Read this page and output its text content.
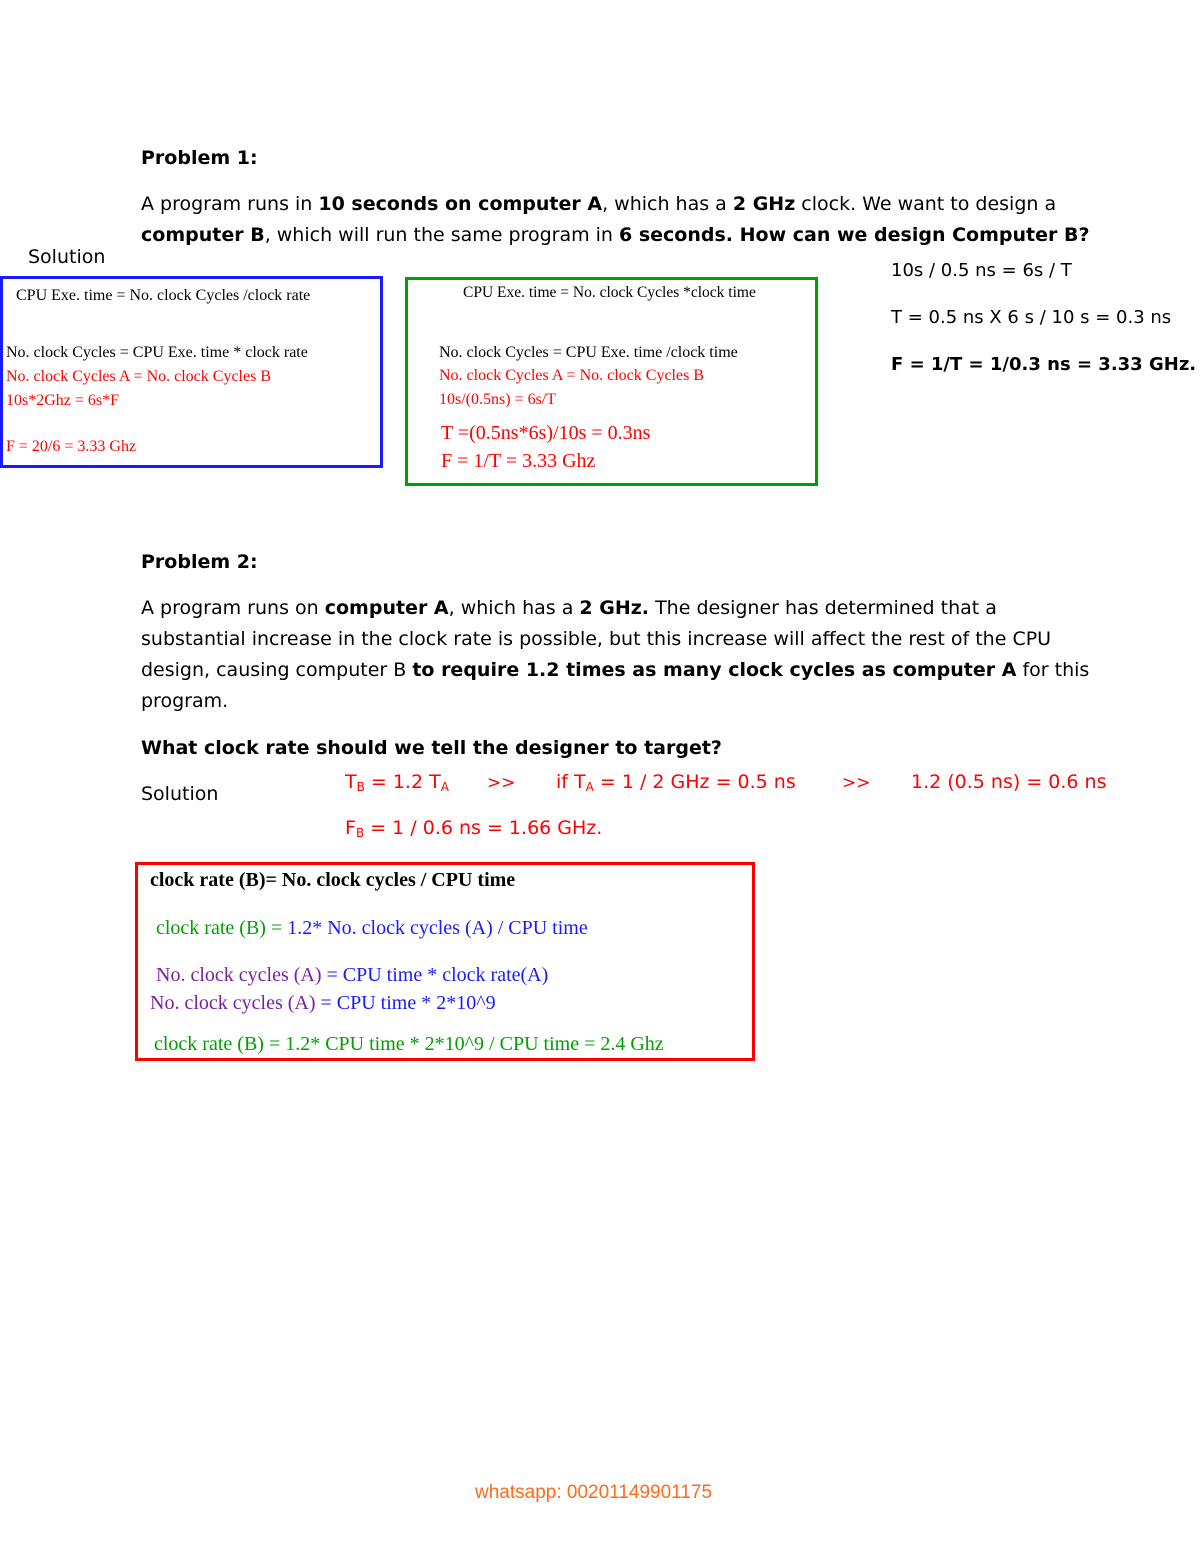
Problem 1:
A program runs in 10 seconds on computer A, which has a 2 GHz clock. We want to design a
computer B, which will run the same program in 6 seconds. How can we design Computer B?
Solution
CPU Exe. time = No. clock Cycles /clock rate
No. clock Cycles = CPU Exe. time * clock rate
No. clock Cycles A = No. clock Cycles B
10s*2Ghz = 6s*F
F = 20/6 = 3.33 Ghz
CPU Exe. time = No. clock Cycles *clock time
No. clock Cycles = CPU Exe. time /clock time
No. clock Cycles A = No. clock Cycles B
10s/(0.5ns) = 6s/T
T =(0.5ns*6s)/10s = 0.3ns
F = 1/T = 3.33 Ghz
10s / 0.5 ns = 6s / T
T = 0.5 ns X 6 s / 10 s = 0.3 ns
F = 1/T = 1/0.3 ns = 3.33 GHz.
Problem 2:
A program runs on computer A, which has a 2 GHz. The designer has determined that a
substantial increase in the clock rate is possible, but this increase will affect the rest of the CPU
design, causing computer B to require 1.2 times as many clock cycles as computer A for this
program.
What clock rate should we tell the designer to target?
Solution
$T_B = 1.2$ $T_A$ >> if $T_A = 1 / 2$ GHz = 0.5 ns	>> 1.2 (0.5 ns) = 0.6 ns
$F_B = 1 / 0.6$ ns = 1.66 GHz.
clock rate (B)= No. clock cycles / CPU time
clock rate (B) = 1.2* No. clock cycles (A) / CPU time
No. clock cycles (A) = CPU time * clock rate(A)
No. clock cycles (A) = CPU time * 2*10^9
clock rate (B) = 1.2* CPU time * 2*10^9 / CPU time = 2.4 Ghz
whatsapp: 00201149901175
